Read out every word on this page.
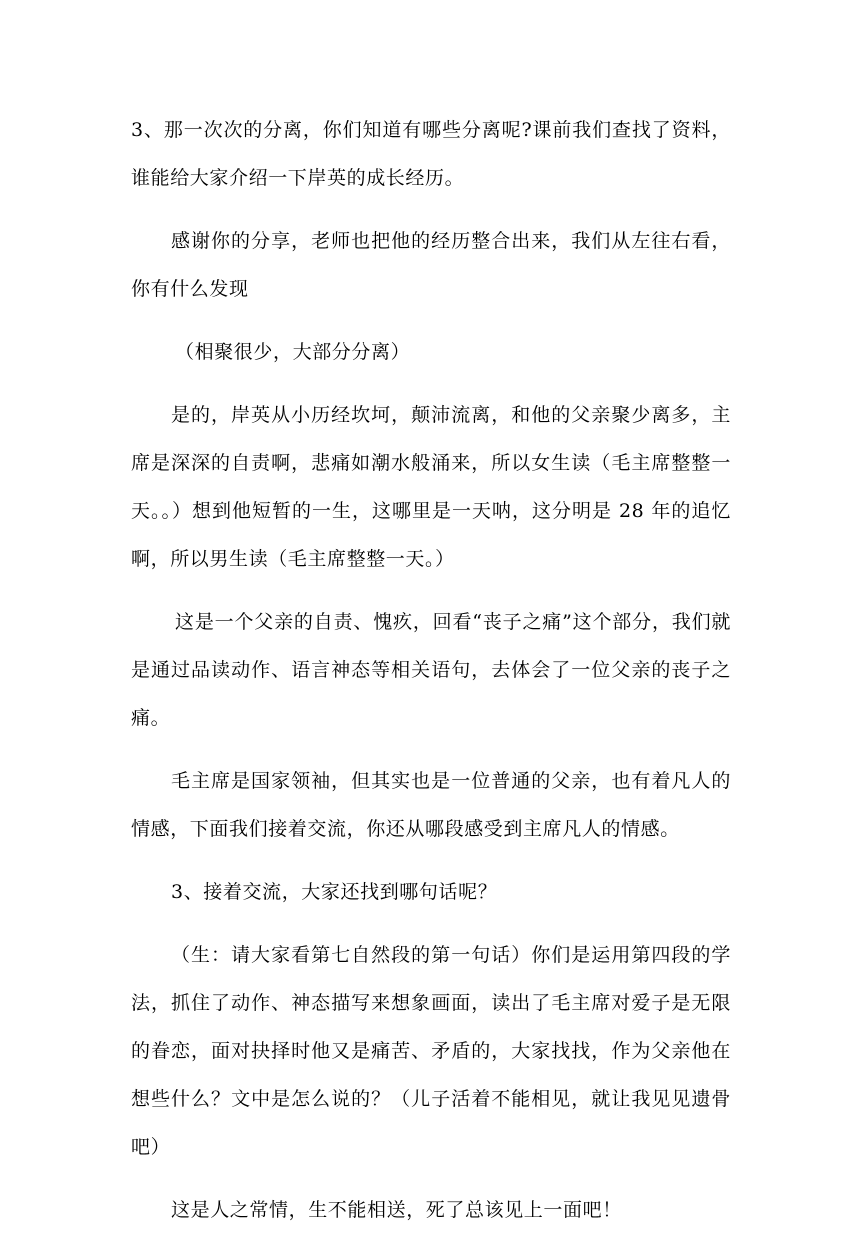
3、那一次次的分离，你们知道有哪些分离呢?课前我们查找了资料，谁能给大家介绍一下岸英的成长经历。

感谢你的分享，老师也把他的经历整合出来，我们从左往右看，你有什么发现

（相聚很少，大部分分离）

是的，岸英从小历经坎坷，颠沛流离，和他的父亲聚少离多，主席是深深的自责啊，悲痛如潮水般涌来，所以女生读（毛主席整整一天。。）想到他短暂的一生，这哪里是一天呐，这分明是 28 年的追忆啊，所以男生读（毛主席整整一天。）

这是一个父亲的自责、愧疚，回看“丧子之痛”这个部分，我们就是通过品读动作、语言神态等相关语句，去体会了一位父亲的丧子之痛。

毛主席是国家领袖，但其实也是一位普通的父亲，也有着凡人的情感，下面我们接着交流，你还从哪段感受到主席凡人的情感。

3、接着交流，大家还找到哪句话呢？

（生：请大家看第七自然段的第一句话）你们是运用第四段的学法，抓住了动作、神态描写来想象画面，读出了毛主席对爱子是无限的眷恋，面对抉择时他又是痛苦、矛盾的，大家找找，作为父亲他在想些什么？文中是怎么说的？（儿子活着不能相见，就让我见见遗骨吧）

这是人之常情，生不能相送，死了总该见上一面吧！
